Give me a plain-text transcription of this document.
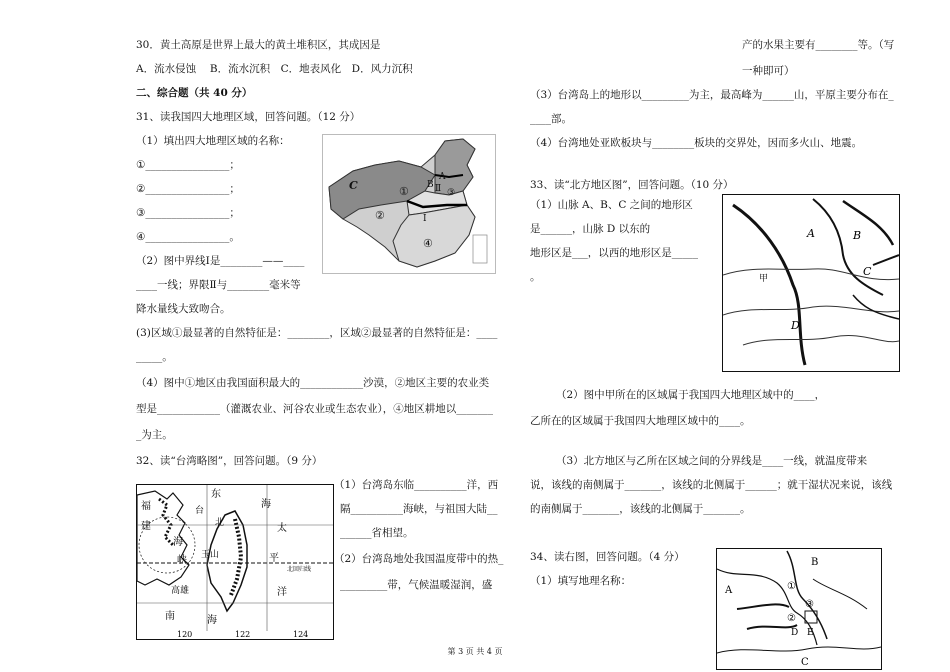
30．黄土高原是世界上最大的黄土堆积区，其成因是
A．流水侵蚀　 B．流水沉积　C．地表风化　D．风力沉积
二、综合题（共 40 分）
31、读我国四大地理区域，回答问题。（12 分）
（1）填出四大地理区域的名称：
①________________；
②________________；
③________________；
④________________。
C	① B
A
Ⅱ
②	Ⅰ
③
④
（2）图中界线Ⅰ是________——____
____一线；界限Ⅱ与________毫米等
降水量线大致吻合。
(3)区域①最显著的自然特征是：________，区域②最显著的自然特征是：____
_____。
（4）图中①地区由我国面积最大的____________沙漠，②地区主要的农业类
型是____________（灌溉农业、河谷农业或生态农业），④地区耕地以_______
_为主。
32、读“台湾略图”，回答问题。（9 分）
福
东
海
建
台
海
北	太
峡 玉山	平
高雄	洋
南	海
北回归线
120	122	124
（1）台湾岛东临__________洋，西
隔__________海峡，与祖国大陆__
______省相望。
（2）台湾岛地处我国温度带中的热_
_________带，气候温暖湿润，盛
产的水果主要有________等。（写
一种即可）
（3）台湾岛上的地形以_________为主，最高峰为______山，平原主要分布在_
____部。
（4）台湾地处亚欧板块与________板块的交界处，因而多火山、地震。
33、读“北方地区图”，回答问题。（10 分）
（1）山脉 A、B、C 之间的地形区
是______，山脉 D 以东的
地形区是___，以西的地形区是_____
。
A	B
C
D
甲
（2）图中甲所在的区域属于我国四大地理区域中的____，
乙所在的区域属于我国四大地理区域中的____。
（3）北方地区与乙所在区域之间的分界线是____一线，就温度带来
说，该线的南侧属于_______，该线的北侧属于______；就干湿状况来说，该线
的南侧属于_______，该线的北侧属于_______。
34、读右图，回答问题。（4 分）
（1）填写地理名称：
B
A	①
②
③
D E
C
第 3 页 共 4 页
